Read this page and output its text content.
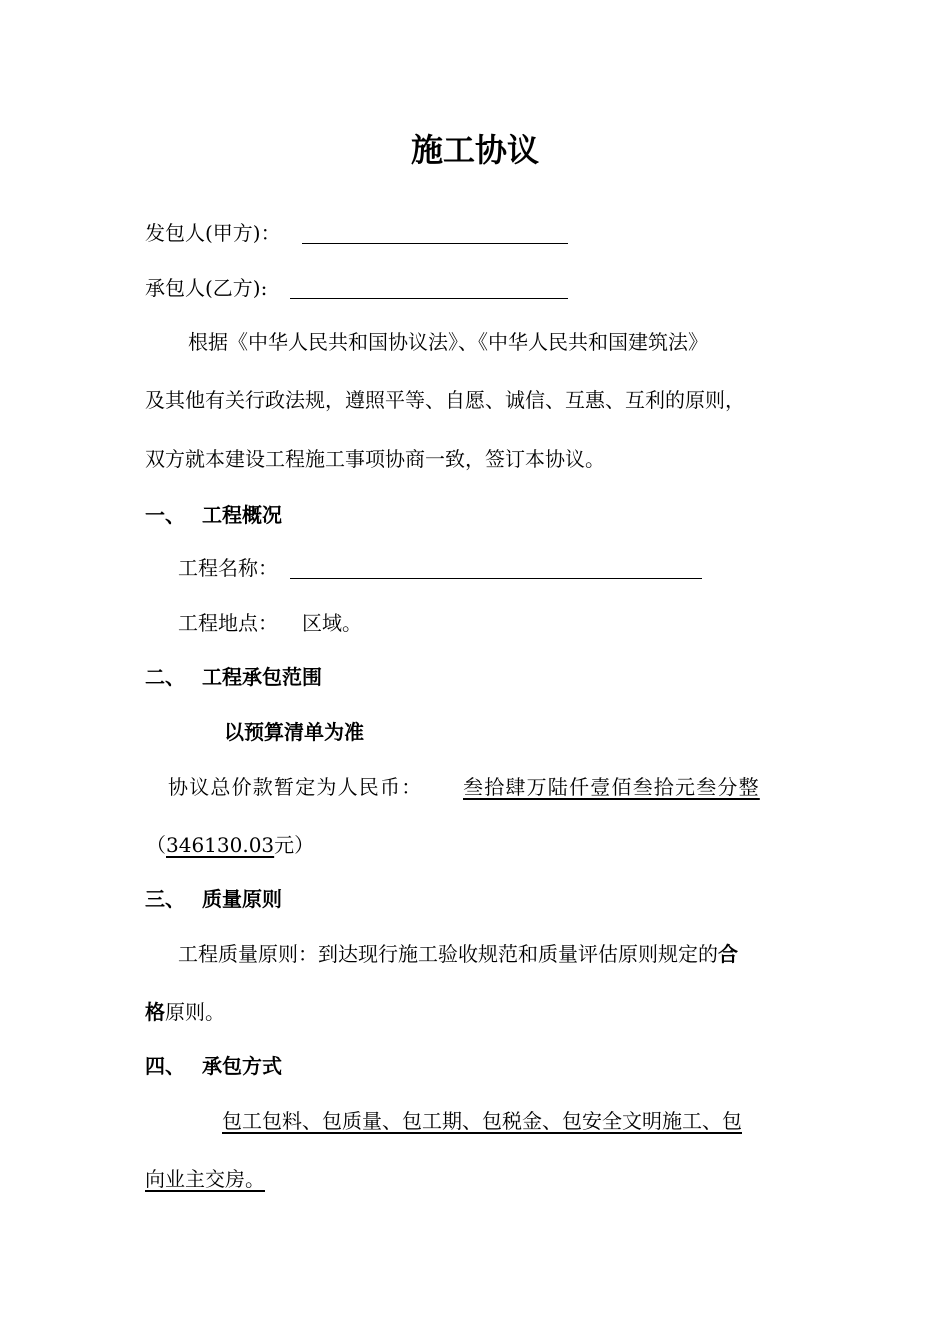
施工协议
发包人(甲方)：
承包人(乙方):
根据《中华人民共和国协议法》、《中华人民共和国建筑法》
及其他有关行政法规，遵照平等、自愿、诚信、互惠、互利的原则，
双方就本建设工程施工事项协商一致，签订本协议。
一、 工程概况
工程名称：
工程地点： 区域。
二、 工程承包范围
以预算清单为准
协议总价款暂定为人民币： 叁拾肆万陆仟壹佰叁拾元叁分整
（346130.03元）
三、 质量原则
工程质量原则：到达现行施工验收规范和质量评估原则规定的合
格原则。
四、 承包方式
包工包料、包质量、包工期、包税金、包安全文明施工、包
向业主交房。
